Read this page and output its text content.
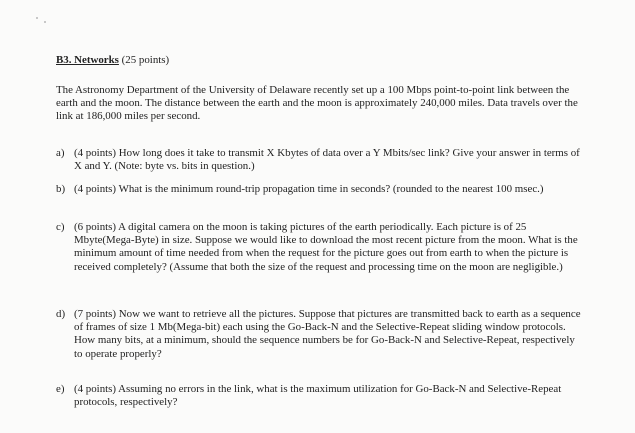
B3. Networks (25 points)

The Astronomy Department of the University of Delaware recently set up a 100 Mbps point-to-point link between the earth and the moon. The distance between the earth and the moon is approximately 240,000 miles. Data travels over the link at 186,000 miles per second.

a) (4 points) How long does it take to transmit X Kbytes of data over a Y Mbits/sec link? Give your answer in terms of X and Y. (Note: byte vs. bits in question.)

b) (4 points) What is the minimum round-trip propagation time in seconds? (rounded to the nearest 100 msec.)

c) (6 points) A digital camera on the moon is taking pictures of the earth periodically. Each picture is of 25 Mbyte(Mega-Byte) in size. Suppose we would like to download the most recent picture from the moon. What is the minimum amount of time needed from when the request for the picture goes out from earth to when the picture is received completely? (Assume that both the size of the request and processing time on the moon are negligible.)

d) (7 points) Now we want to retrieve all the pictures. Suppose that pictures are transmitted back to earth as a sequence of frames of size 1 Mb(Mega-bit) each using the Go-Back-N and the Selective-Repeat sliding window protocols. How many bits, at a minimum, should the sequence numbers be for Go-Back-N and Selective-Repeat, respectively to operate properly?

e) (4 points) Assuming no errors in the link, what is the maximum utilization for Go-Back-N and Selective-Repeat protocols, respectively?
